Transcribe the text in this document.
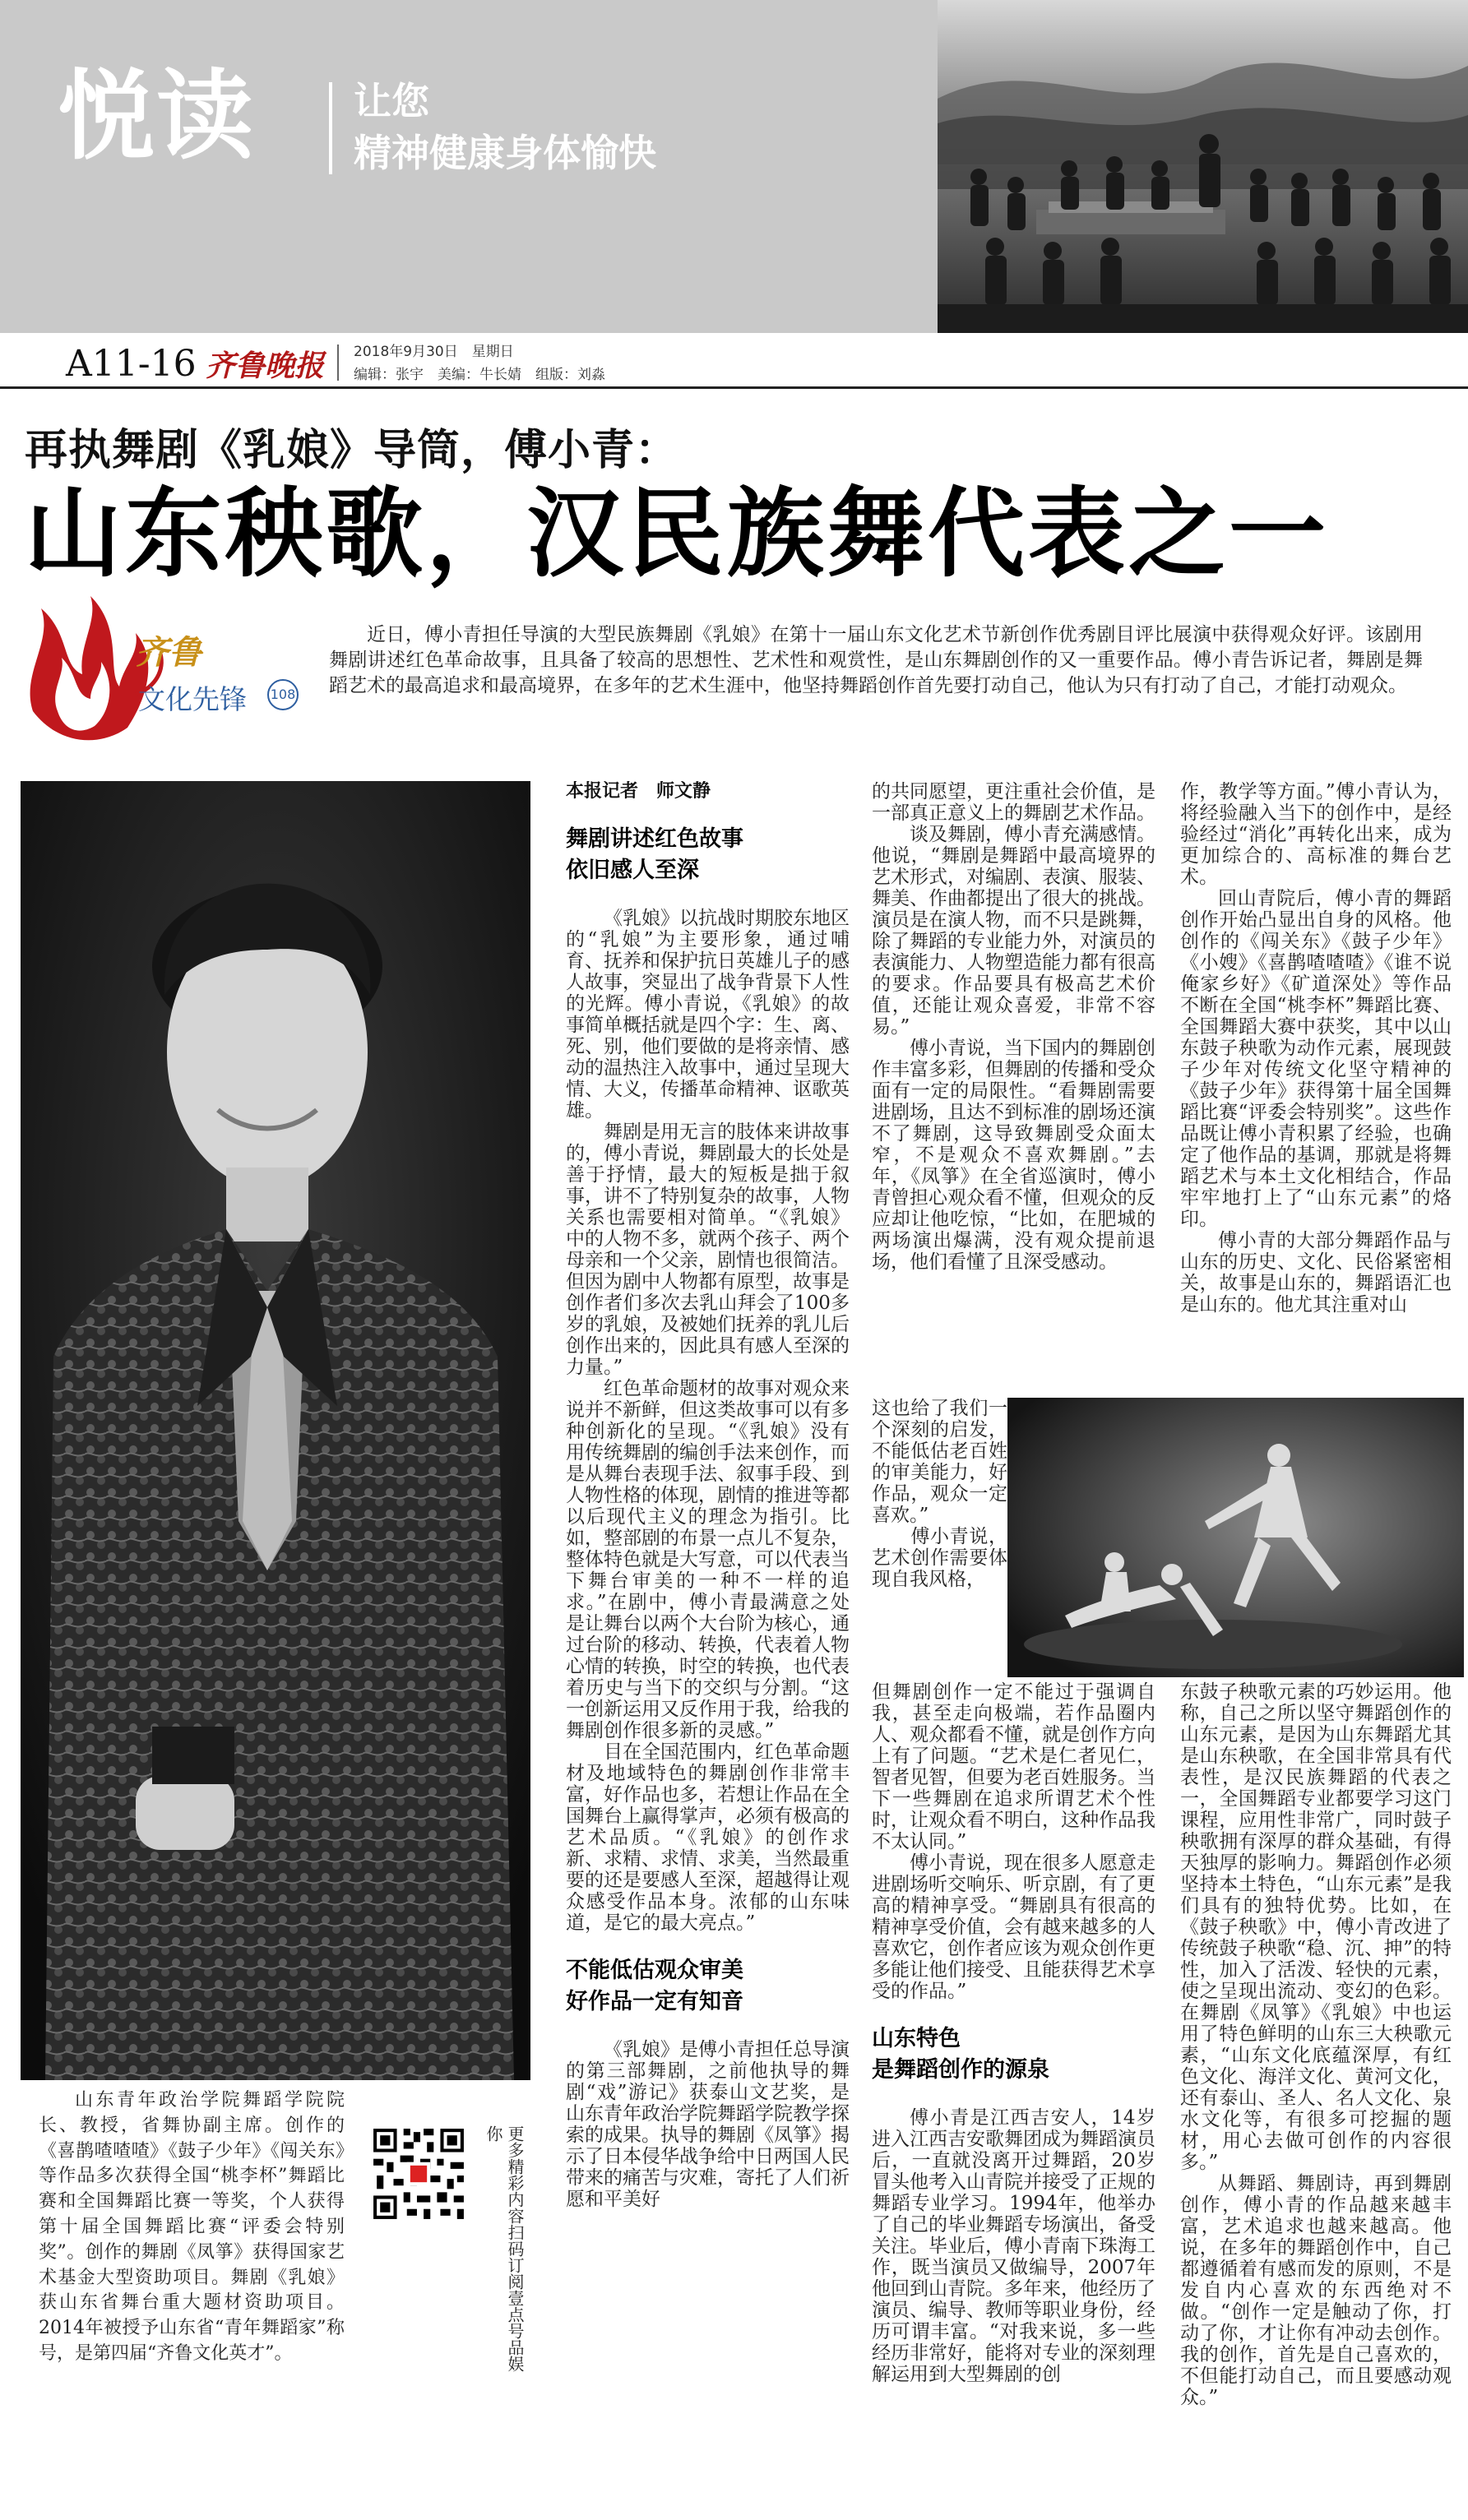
悦读	让您
精神健康身体愉快
A11-16 齐鲁晚报 2018年9月30日　星期日
编辑：张宇　美编：牛长婧　组版：刘淼
再执舞剧《乳娘》导筒，傅小青：
山东秧歌，汉民族舞代表之一
齐鲁
文化先锋 108

近日，傅小青担任导演的大型民族舞剧《乳娘》在第十一届山东文化艺术节新创作优秀剧目评比展演中获得观众好评。该剧用舞剧讲述红色革命故事，且具备了较高的思想性、艺术性和观赏性，是山东舞剧创作的又一重要作品。傅小青告诉记者，舞剧是舞蹈艺术的最高追求和最高境界，在多年的艺术生涯中，他坚持舞蹈创作首先要打动自己，他认为只有打动了自己，才能打动观众。

山东青年政治学院舞蹈学院院长、教授，省舞协副主席。创作的《喜鹊喳喳喳》《鼓子少年》《闯关东》等作品多次获得全国“桃李杯”舞蹈比赛和全国舞蹈比赛一等奖，个人获得第十届全国舞蹈比赛“评委会特别奖”。创作的舞剧《凤箏》获得国家艺术基金大型资助项目。舞剧《乳娘》获山东省舞台重大题材资助项目。2014年被授予山东省“青年舞蹈家”称号，是第四届“齐鲁文化英才”。	更多精彩内容扫码订阅壹点号品娱你
本报记者　师文静
舞剧讲述红色故事
依旧感人至深

《乳娘》以抗战时期胶东地区的“乳娘”为主要形象，通过哺育、抚养和保护抗日英雄儿子的感人故事，突显出了战争背景下人性的光辉。傅小青说，《乳娘》的故事简单概括就是四个字：生、离、死、别，他们要做的是将亲情、感动的温热注入故事中，通过呈现大情、大义，传播革命精神、讴歌英雄。

舞剧是用无言的肢体来讲故事的，傅小青说，舞剧最大的长处是善于抒情，最大的短板是拙于叙事，讲不了特别复杂的故事，人物关系也需要相对简单。“《乳娘》中的人物不多，就两个孩子、两个母亲和一个父亲，剧情也很简洁。但因为剧中人物都有原型，故事是创作者们多次去乳山拜会了100多岁的乳娘，及被她们抚养的乳儿后创作出来的，因此具有感人至深的力量。”

红色革命题材的故事对观众来说并不新鲜，但这类故事可以有多种创新化的呈现。“《乳娘》没有用传统舞剧的编创手法来创作，而是从舞台表现手法、叙事手段、到人物性格的体现，剧情的推进等都以后现代主义的理念为指引。比如，整部剧的布景一点儿不复杂，整体特色就是大写意，可以代表当下舞台审美的一种不一样的追求。”在剧中，傅小青最满意之处是让舞台以两个大台阶为核心，通过台阶的移动、转换，代表着人物心情的转换，时空的转换，也代表着历史与当下的交织与分割。“这一创新运用又反作用于我，给我的舞剧创作很多新的灵感。”

目在全国范围内，红色革命题材及地域特色的舞剧创作非常丰富，好作品也多，若想让作品在全国舞台上赢得掌声，必须有极高的艺术品质。“《乳娘》的创作求新、求精、求情、求美，当然最重要的还是要感人至深，超越得让观众感受作品本身。浓郁的山东味道，是它的最大亮点。”

不能低估观众审美
好作品一定有知音

《乳娘》是傅小青担任总导演的第三部舞剧，之前他执导的舞剧“戏”游记》获泰山文艺奖，是山东青年政治学院舞蹈学院教学探索的成果。执导的舞剧《凤箏》揭示了日本侵华战争给中日两国人民带来的痛苦与灾难，寄托了人们祈愿和平美好

的共同愿望，更注重社会价值，是一部真正意义上的舞剧艺术作品。

谈及舞剧，傅小青充满感情。他说，“舞剧是舞蹈中最高境界的艺术形式，对编剧、表演、服装、舞美、作曲都提出了很大的挑战。演员是在演人物，而不只是跳舞，除了舞蹈的专业能力外，对演员的表演能力、人物塑造能力都有很高的要求。作品要具有极高艺术价值，还能让观众喜爱，非常不容易。”

傅小青说，当下国内的舞剧创作丰富多彩，但舞剧的传播和受众面有一定的局限性。“看舞剧需要进剧场，且达不到标准的剧场还演不了舞剧，这导致舞剧受众面太窄，不是观众不喜欢舞剧。”去年，《凤箏》在全省巡演时，傅小青曾担心观众看不懂，但观众的反应却让他吃惊，“比如，在肥城的两场演出爆满，没有观众提前退场，他们看懂了且深受感动。

这也给了我们一个深刻的启发，不能低估老百姓的审美能力，好作品，观众一定喜欢。”
　　傅小青说，艺术创作需要体现自我风格，

但舞剧创作一定不能过于强调自我，甚至走向极端，若作品圈内人、观众都看不懂，就是创作方向上有了问题。“艺术是仁者见仁，智者见智，但要为老百姓服务。当下一些舞剧在追求所谓艺术个性时，让观众看不明白，这种作品我不太认同。”

傅小青说，现在很多人愿意走进剧场听交响乐、听京剧，有了更高的精神享受。“舞剧具有很高的精神享受价值，会有越来越多的人喜欢它，创作者应该为观众创作更多能让他们接受、且能获得艺术享受的作品。”

山东特色
是舞蹈创作的源泉

傅小青是江西吉安人，14岁进入江西吉安歌舞团成为舞蹈演员后，一直就没离开过舞蹈，20岁冒头他考入山青院并接受了正规的舞蹈专业学习。1994年，他举办了自己的毕业舞蹈专场演出，备受关注。毕业后，傅小青南下珠海工作，既当演员又做编导，2007年他回到山青院。多年来，他经历了演员、编导、教师等职业身份，经历可谓丰富。“对我来说，多一些经历非常好，能将对专业的深刻理解运用到大型舞剧的创

作，教学等方面。”傅小青认为，将经验融入当下的创作中，是经验经过“消化”再转化出来，成为更加综合的、高标准的舞台艺术。

回山青院后，傅小青的舞蹈创作开始凸显出自身的风格。他创作的《闯关东》《鼓子少年》《小嫂》《喜鹊喳喳喳》《谁不说俺家乡好》《矿道深处》等作品不断在全国“桃李杯”舞蹈比赛、全国舞蹈大赛中获奖，其中以山东鼓子秧歌为动作元素，展现鼓子少年对传统文化坚守精神的《鼓子少年》获得第十届全国舞蹈比赛“评委会特别奖”。这些作品既让傅小青积累了经验，也确定了他作品的基调，那就是将舞蹈艺术与本土文化相结合，作品牢牢地打上了“山东元素”的烙印。

傅小青的大部分舞蹈作品与山东的历史、文化、民俗紧密相关，故事是山东的，舞蹈语汇也是山东的。他尤其注重对山

东鼓子秧歌元素的巧妙运用。他称，自己之所以坚守舞蹈创作的山东元素，是因为山东舞蹈尤其是山东秧歌，在全国非常具有代表性，是汉民族舞蹈的代表之一，全国舞蹈专业都要学习这门课程，应用性非常广，同时鼓子秧歌拥有深厚的群众基础，有得天独厚的影响力。舞蹈创作必须坚持本土特色，“山东元素”是我们具有的独特优势。比如，在《鼓子秧歌》中，傅小青改进了传统鼓子秧歌“稳、沉、抻”的特性，加入了活泼、轻快的元素，使之呈现出流动、变幻的色彩。在舞剧《凤箏》《乳娘》中也运用了特色鲜明的山东三大秧歌元素，“山东文化底蕴深厚，有红色文化、海洋文化、黄河文化，还有泰山、圣人、名人文化、泉水文化等，有很多可挖掘的题材，用心去做可创作的内容很多。”

从舞蹈、舞剧诗，再到舞剧创作，傅小青的作品越来越丰富，艺术追求也越来越高。他说，在多年的舞蹈创作中，自己都遵循着有感而发的原则，不是发自内心喜欢的东西绝对不做。“创作一定是触动了你，打动了你，才让你有冲动去创作。我的创作，首先是自己喜欢的，不但能打动自己，而且要感动观众。”
